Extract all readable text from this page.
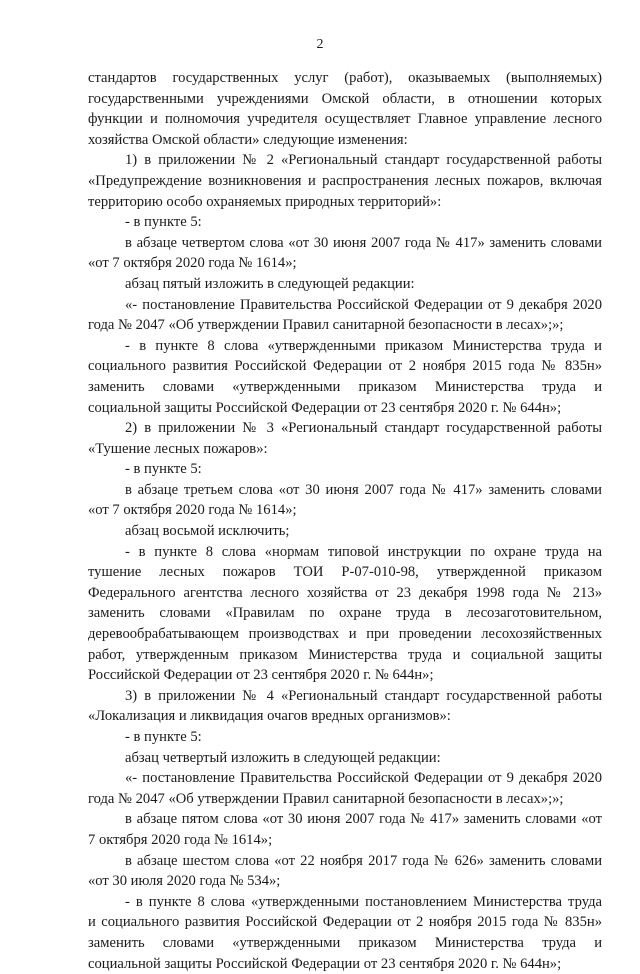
2
стандартов государственных услуг (работ), оказываемых (выполняемых)
государственными учреждениями Омской области, в отношении которых
функции и полномочия учредителя осуществляет Главное управление лесного
хозяйства Омской области» следующие изменения:
1) в приложении № 2 «Региональный стандарт государственной работы
«Предупреждение возникновения и распространения лесных пожаров, включая
территорию особо охраняемых природных территорий»:
- в пункте 5:
в абзаце четвертом слова «от 30 июня 2007 года № 417» заменить словами
«от 7 октября 2020 года № 1614»;
абзац пятый изложить в следующей редакции:
«- постановление Правительства Российской Федерации от 9 декабря 2020
года № 2047 «Об утверждении Правил санитарной безопасности в лесах»;»;
- в пункте 8 слова «утвержденными приказом Министерства труда и
социального развития Российской Федерации от 2 ноября 2015 года № 835н»
заменить словами «утвержденными приказом Министерства труда и
социальной защиты Российской Федерации от 23 сентября 2020 г. № 644н»;
2) в приложении № 3 «Региональный стандарт государственной работы
«Тушение лесных пожаров»:
- в пункте 5:
в абзаце третьем слова «от 30 июня 2007 года № 417» заменить словами
«от 7 октября 2020 года № 1614»;
абзац восьмой исключить;
- в пункте 8 слова «нормам типовой инструкции по охране труда на
тушение лесных пожаров ТОИ Р-07-010-98, утвержденной приказом
Федерального агентства лесного хозяйства от 23 декабря 1998 года № 213»
заменить словами «Правилам по охране труда в лесозаготовительном,
деревообрабатывающем производствах и при проведении лесохозяйственных
работ, утвержденным приказом Министерства труда и социальной защиты
Российской Федерации от 23 сентября 2020 г. № 644н»;
3) в приложении № 4 «Региональный стандарт государственной работы
«Локализация и ликвидация очагов вредных организмов»:
- в пункте 5:
абзац четвертый изложить в следующей редакции:
«- постановление Правительства Российской Федерации от 9 декабря 2020
года № 2047 «Об утверждении Правил санитарной безопасности в лесах»;»;
в абзаце пятом слова «от 30 июня 2007 года № 417» заменить словами «от
7 октября 2020 года № 1614»;
в абзаце шестом слова «от 22 ноября 2017 года № 626» заменить словами
«от 30 июля 2020 года № 534»;
- в пункте 8 слова «утвержденными постановлением Министерства труда
и социального развития Российской Федерации от 2 ноября 2015 года № 835н»
заменить словами «утвержденными приказом Министерства труда и
социальной защиты Российской Федерации от 23 сентября 2020 г. № 644н»;
